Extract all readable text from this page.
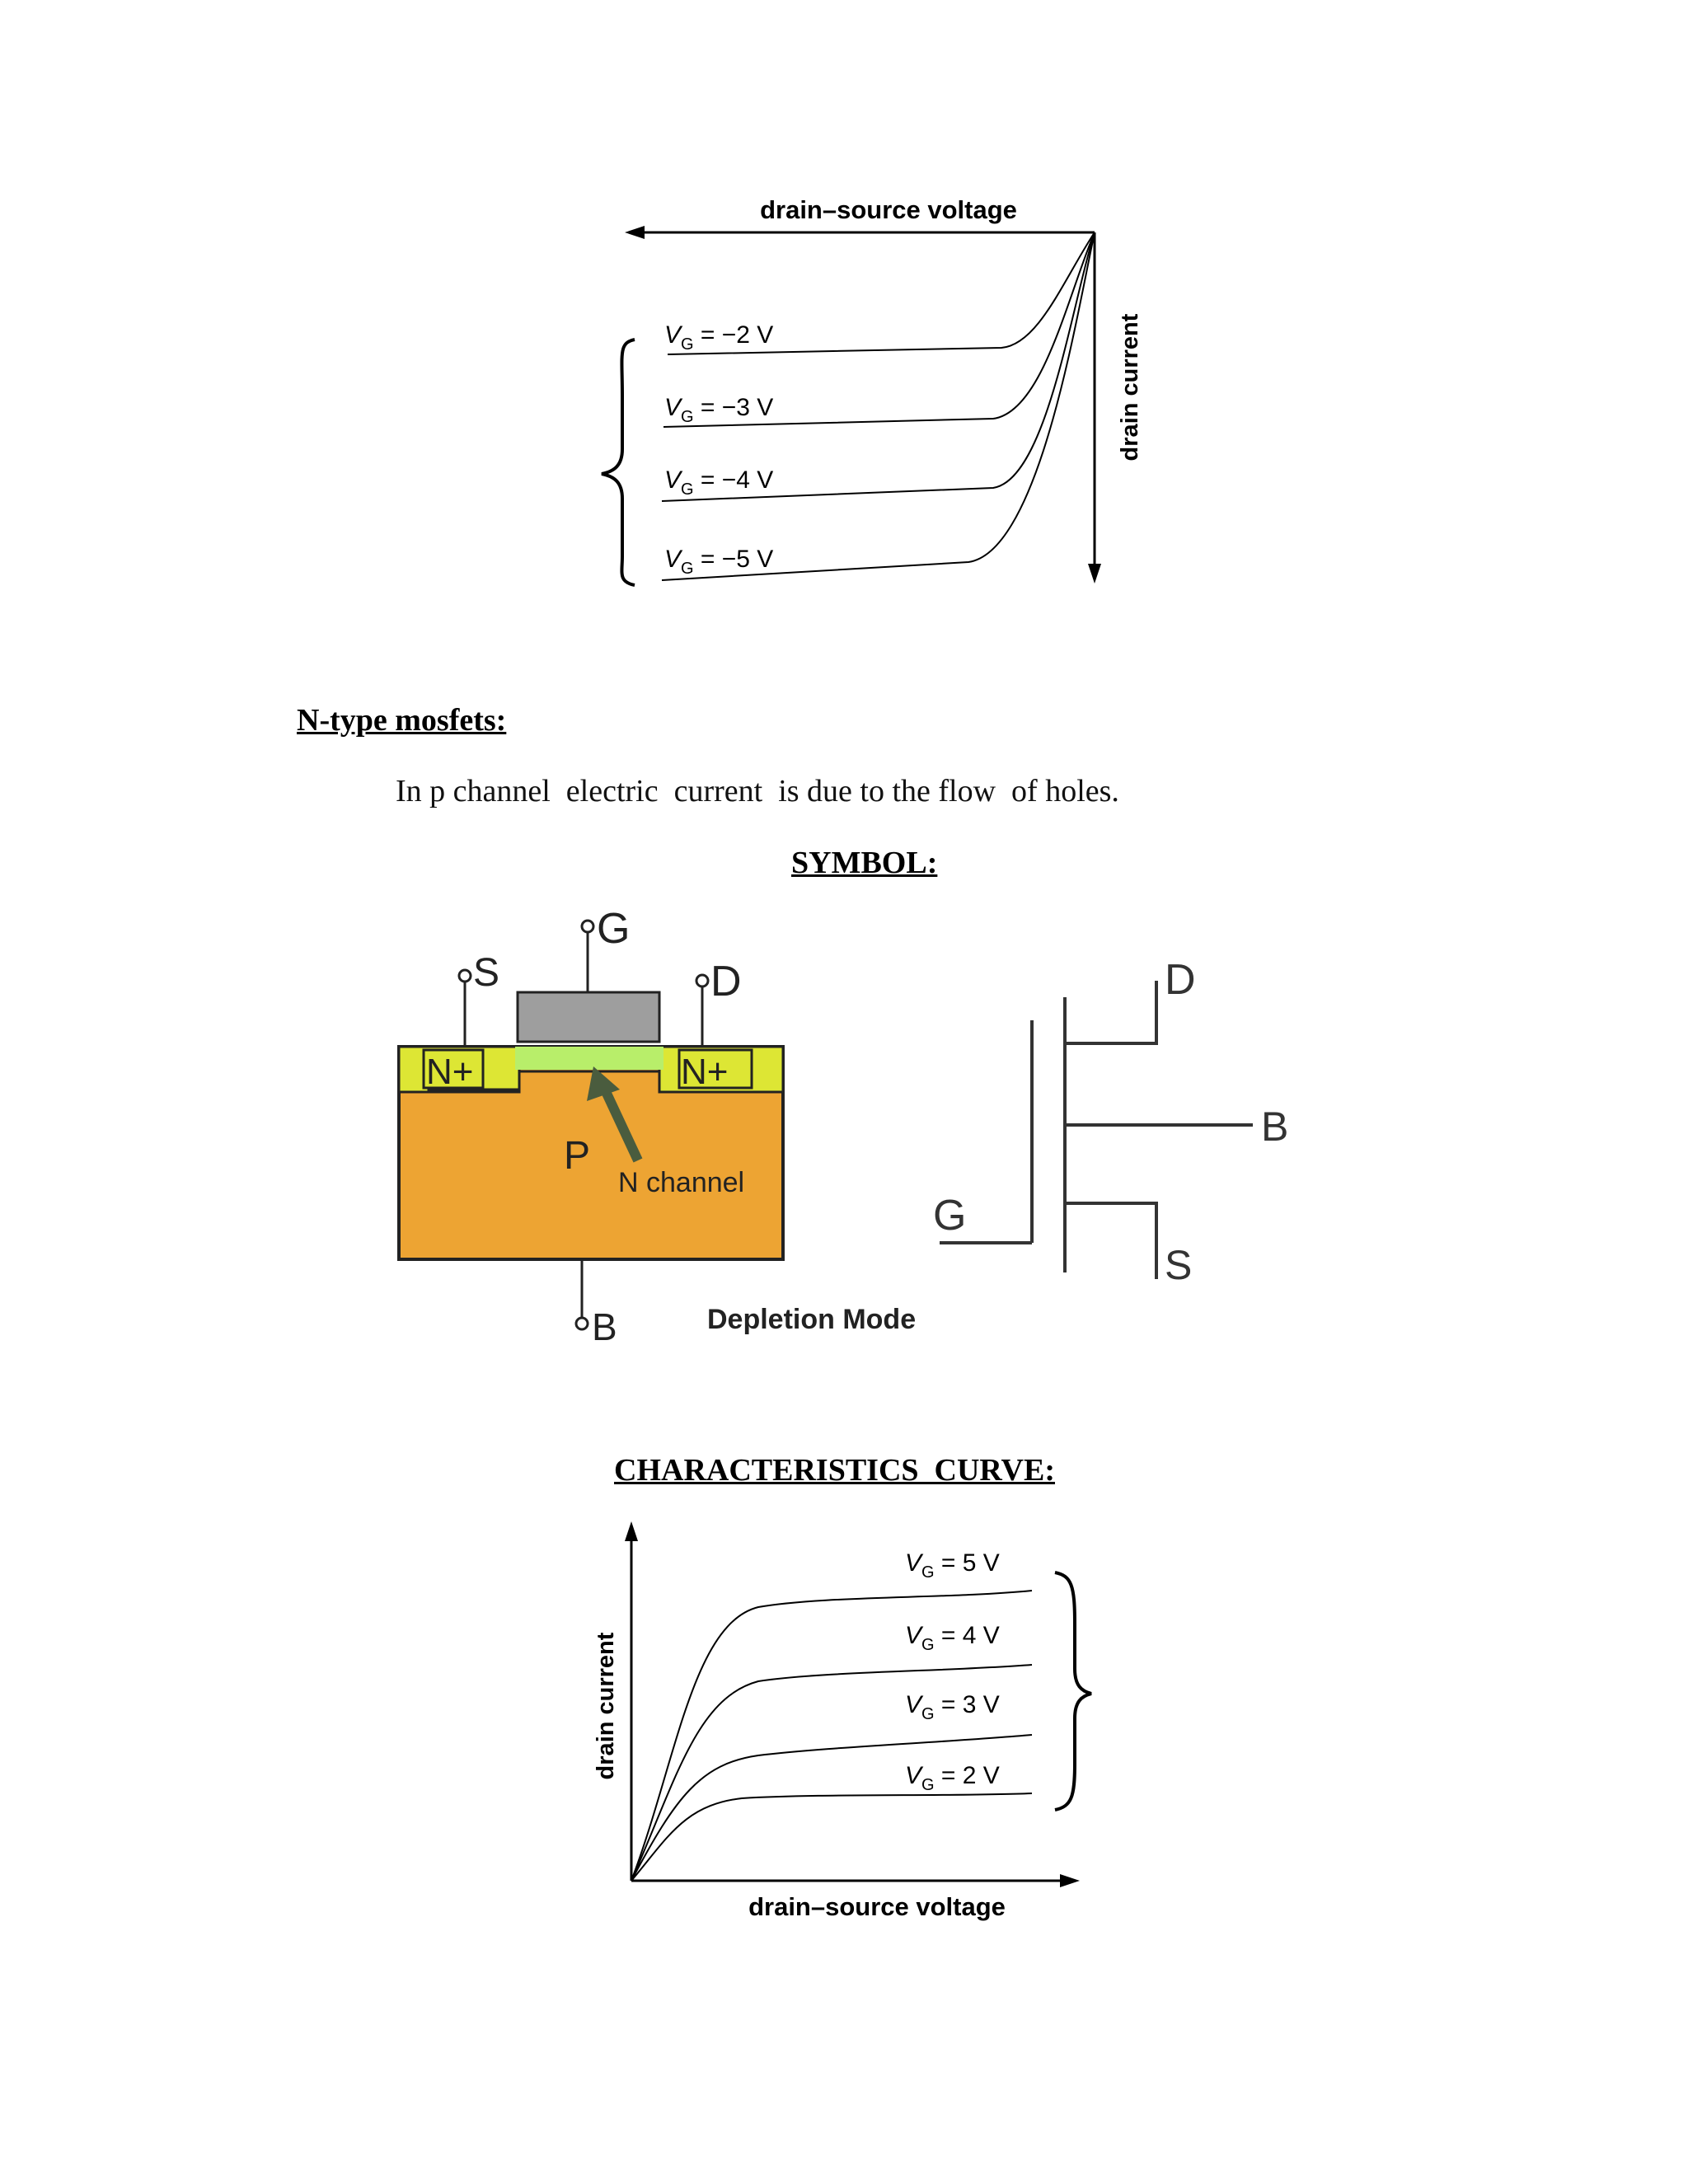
drain–source voltage
drain current
$V_G = -2$ V
$V_G = -3$ V
$V_G = -4$ V
$V_G = -5$ V
N-type mosfets:
In p channel  electric  current  is due to the flow  of holes.
SYMBOL:
S
G
D
B
N+	N+
P
N channel
Depletion Mode
D
B
G
S
CHARACTERISTICS  CURVE:
drain current
drain–source voltage
$V_G = 5$ V
$V_G = 4$ V
$V_G = 3$ V
$V_G = 2$ V
